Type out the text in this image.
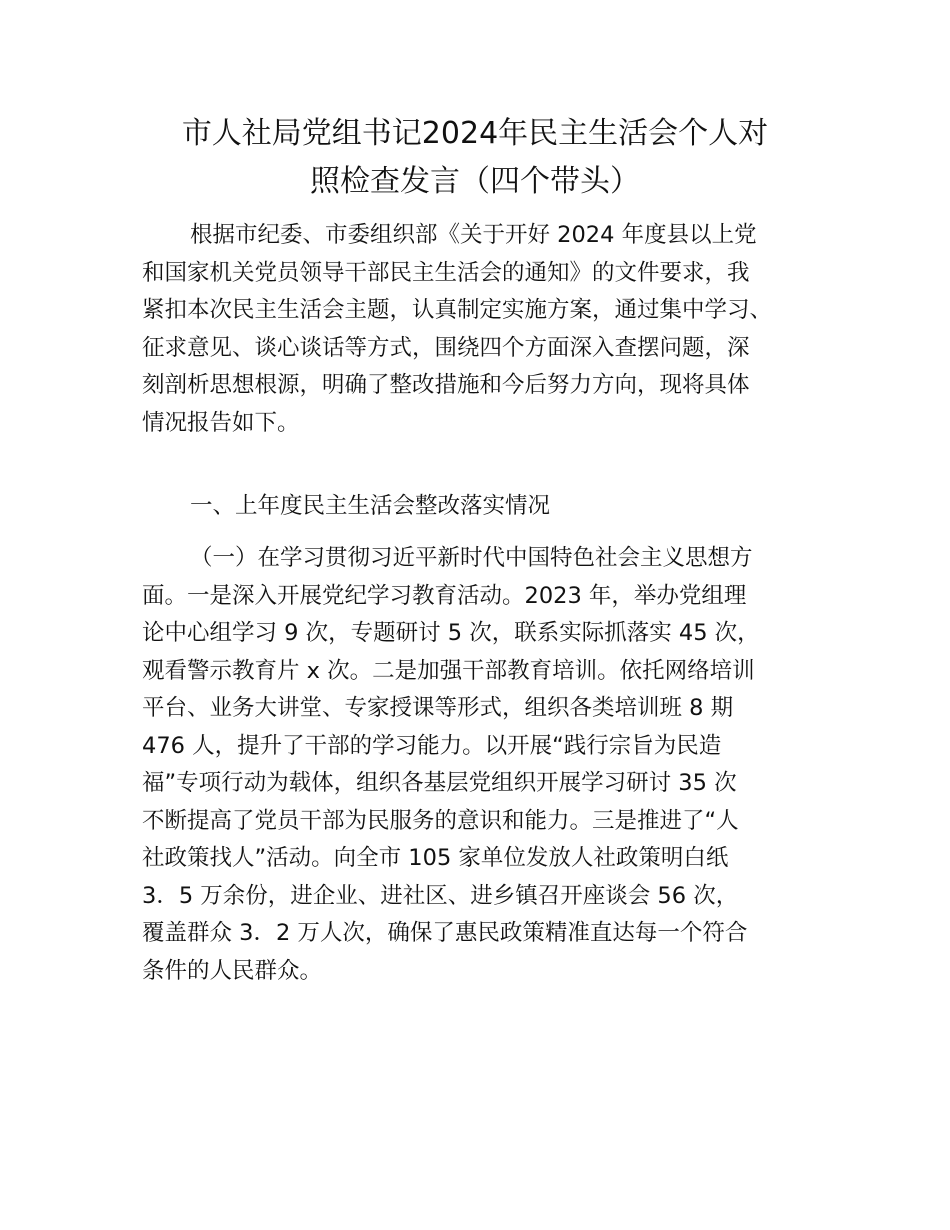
市人社局党组书记2024年民主生活会个人对
照检查发言（四个带头）

根据市纪委、市委组织部《关于开好 2024 年度县以上党
和国家机关党员领导干部民主生活会的通知》的文件要求，我
紧扣本次民主生活会主题，认真制定实施方案，通过集中学习、
征求意见、谈心谈话等方式，围绕四个方面深入查摆问题，深
刻剖析思想根源，明确了整改措施和今后努力方向，现将具体
情况报告如下。

一、上年度民主生活会整改落实情况

（一）在学习贯彻习近平新时代中国特色社会主义思想方
面。一是深入开展党纪学习教育活动。2023 年，举办党组理
论中心组学习 9 次，专题研讨 5 次，联系实际抓落实 45 次，
观看警示教育片 x 次。二是加强干部教育培训。依托网络培训
平台、业务大讲堂、专家授课等形式，组织各类培训班 8 期
476 人，提升了干部的学习能力。以开展“践行宗旨为民造
福”专项行动为载体，组织各基层党组织开展学习研讨 35 次
不断提高了党员干部为民服务的意识和能力。三是推进了“人
社政策找人”活动。向全市 105 家单位发放人社政策明白纸
3．5 万余份，进企业、进社区、进乡镇召开座谈会 56 次，
覆盖群众 3．2 万人次，确保了惠民政策精准直达每一个符合
条件的人民群众。
